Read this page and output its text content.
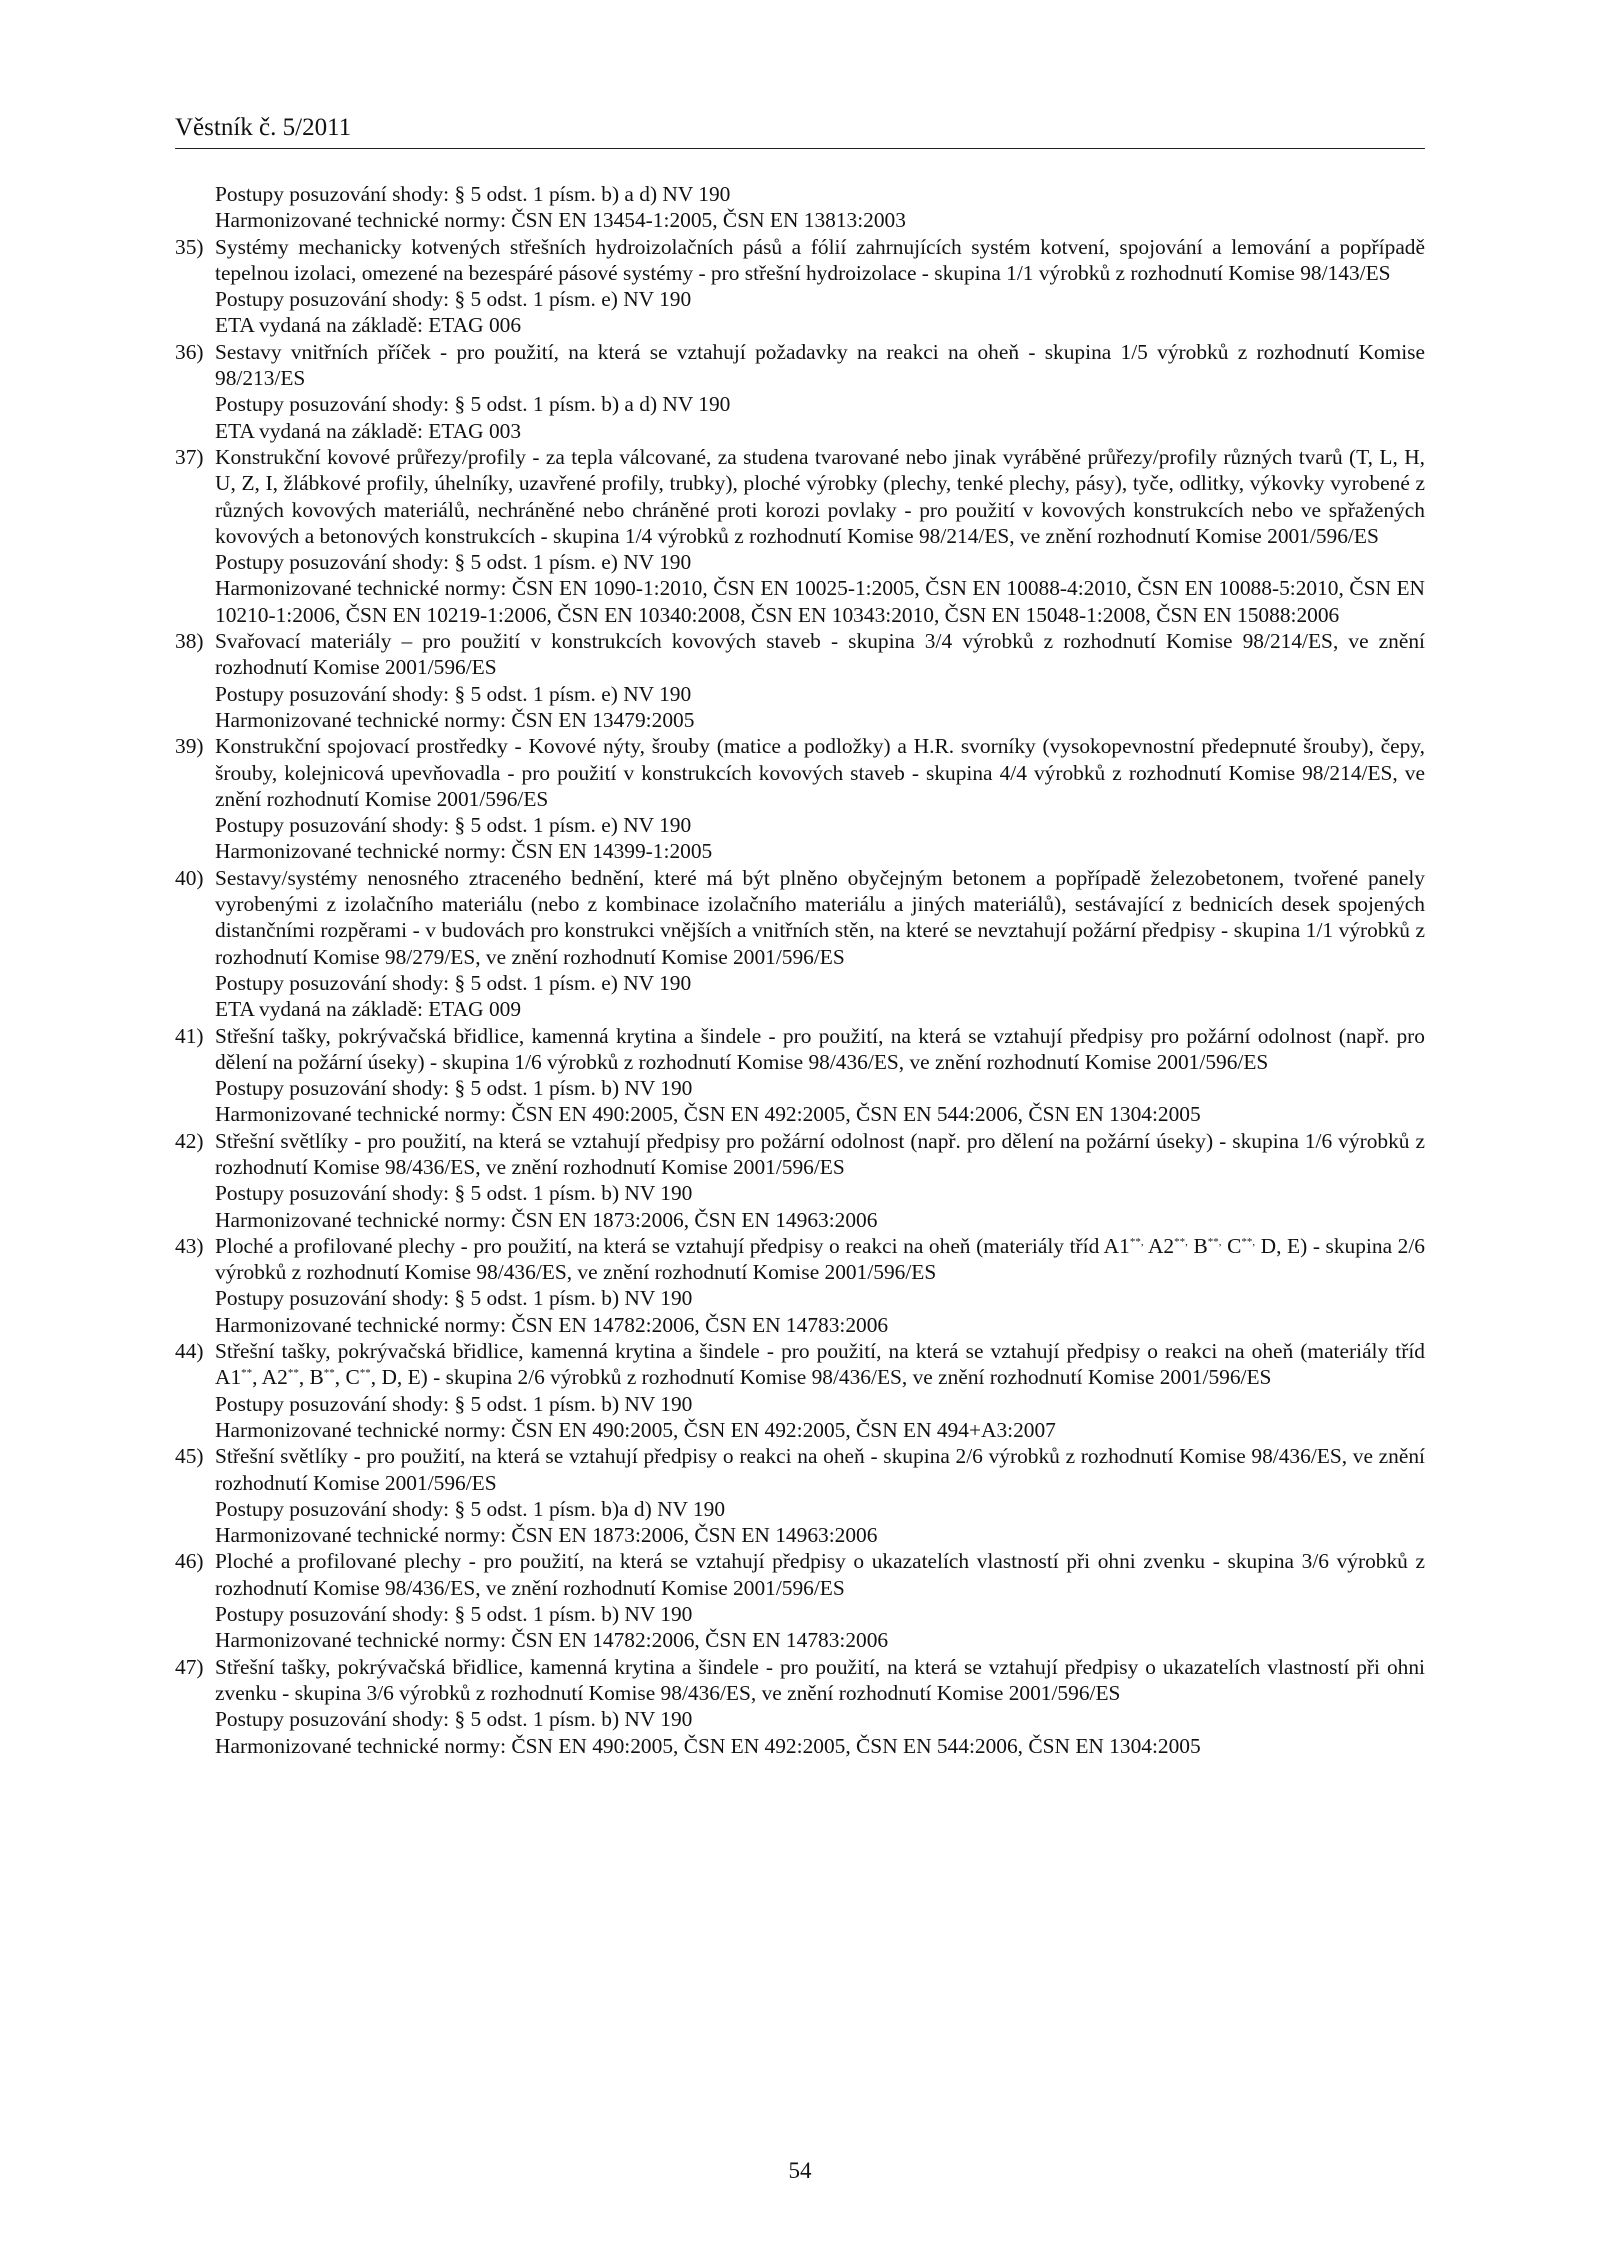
Věstník č. 5/2011
Postupy posuzování shody: § 5 odst. 1 písm. b) a d) NV 190
Harmonizované technické normy: ČSN EN 13454-1:2005, ČSN EN 13813:2003
35) Systémy mechanicky kotvených střešních hydroizolačních pásů a fólií zahrnujících systém kotvení, spojování a lemování a popřípadě tepelnou izolaci, omezené na bezespáré pásové systémy - pro střešní hydroizolace - skupina 1/1 výrobků z rozhodnutí Komise 98/143/ES
Postupy posuzování shody: § 5 odst. 1 písm. e) NV 190
ETA vydaná na základě: ETAG 006
36) Sestavy vnitřních příček - pro použití, na která se vztahují požadavky na reakci na oheň - skupina 1/5 výrobků z rozhodnutí Komise 98/213/ES
Postupy posuzování shody: § 5 odst. 1 písm. b) a d) NV 190
ETA vydaná na základě: ETAG 003
37) Konstrukční kovové průřezy/profily - za tepla válcované, za studena tvarované nebo jinak vyráběné průřezy/profily různých tvarů (T, L, H, U, Z, I, žlábkové profily, úhelníky, uzavřené profily, trubky), ploché výrobky (plechy, tenké plechy, pásy), tyče, odlitky, výkovky vyrobené z různých kovových materiálů, nechráněné nebo chráněné proti korozi povlaky - pro použití v kovových konstrukcích nebo ve spřažených kovových a betonových konstrukcích - skupina 1/4 výrobků z rozhodnutí Komise 98/214/ES, ve znění rozhodnutí Komise 2001/596/ES
Postupy posuzování shody: § 5 odst. 1 písm. e) NV 190
Harmonizované technické normy: ČSN EN 1090-1:2010, ČSN EN 10025-1:2005, ČSN EN 10088-4:2010, ČSN EN 10088-5:2010, ČSN EN 10210-1:2006, ČSN EN 10219-1:2006, ČSN EN 10340:2008, ČSN EN 10343:2010, ČSN EN 15048-1:2008, ČSN EN 15088:2006
38) Svařovací materiály – pro použití v konstrukcích kovových staveb - skupina 3/4 výrobků z rozhodnutí Komise 98/214/ES, ve znění rozhodnutí Komise 2001/596/ES
Postupy posuzování shody: § 5 odst. 1 písm. e) NV 190
Harmonizované technické normy: ČSN EN 13479:2005
39) Konstrukční spojovací prostředky - Kovové nýty, šrouby (matice a podložky) a H.R. svorníky (vysokopevnostní předepnuté šrouby), čepy, šrouby, kolejnicová upevňovadla - pro použití v konstrukcích kovových staveb - skupina 4/4 výrobků z rozhodnutí Komise 98/214/ES, ve znění rozhodnutí Komise 2001/596/ES
Postupy posuzování shody: § 5 odst. 1 písm. e) NV 190
Harmonizované technické normy: ČSN EN 14399-1:2005
40) Sestavy/systémy nenosného ztraceného bednění, které má být plněno obyčejným betonem a popřípadě železobetonem, tvořené panely vyrobenými z izolačního materiálu (nebo z kombinace izolačního materiálu a jiných materiálů), sestávající z bednicích desek spojených distančními rozpěrami - v budovách pro konstrukci vnějších a vnitřních stěn, na které se nevztahují požární předpisy - skupina 1/1 výrobků z rozhodnutí Komise 98/279/ES, ve znění rozhodnutí Komise 2001/596/ES
Postupy posuzování shody: § 5 odst. 1 písm. e) NV 190
ETA vydaná na základě: ETAG 009
41) Střešní tašky, pokrývačská břidlice, kamenná krytina a šindele - pro použití, na která se vztahují předpisy pro požární odolnost (např. pro dělení na požární úseky) - skupina 1/6 výrobků z rozhodnutí Komise 98/436/ES, ve znění rozhodnutí Komise 2001/596/ES
Postupy posuzování shody: § 5 odst. 1 písm. b) NV 190
Harmonizované technické normy: ČSN EN 490:2005, ČSN EN 492:2005, ČSN EN 544:2006, ČSN EN 1304:2005
42) Střešní světlíky - pro použití, na která se vztahují předpisy pro požární odolnost (např. pro dělení na požární úseky) - skupina 1/6 výrobků z rozhodnutí Komise 98/436/ES, ve znění rozhodnutí Komise 2001/596/ES
Postupy posuzování shody: § 5 odst. 1 písm. b) NV 190
Harmonizované technické normy: ČSN EN 1873:2006, ČSN EN 14963:2006
43) Ploché a profilované plechy - pro použití, na která se vztahují předpisy o reakci na oheň (materiály tříd A1**, A2**, B**, C**, D, E) - skupina 2/6 výrobků z rozhodnutí Komise 98/436/ES, ve znění rozhodnutí Komise 2001/596/ES
Postupy posuzování shody: § 5 odst. 1 písm. b) NV 190
Harmonizované technické normy: ČSN EN 14782:2006, ČSN EN 14783:2006
44) Střešní tašky, pokrývačská břidlice, kamenná krytina a šindele - pro použití, na která se vztahují předpisy o reakci na oheň (materiály tříd A1**, A2**, B**, C**, D, E) - skupina 2/6 výrobků z rozhodnutí Komise 98/436/ES, ve znění rozhodnutí Komise 2001/596/ES
Postupy posuzování shody: § 5 odst. 1 písm. b) NV 190
Harmonizované technické normy: ČSN EN 490:2005, ČSN EN 492:2005, ČSN EN 494+A3:2007
45) Střešní světlíky - pro použití, na která se vztahují předpisy o reakci na oheň - skupina 2/6 výrobků z rozhodnutí Komise 98/436/ES, ve znění rozhodnutí Komise 2001/596/ES
Postupy posuzování shody: § 5 odst. 1 písm. b)a d) NV 190
Harmonizované technické normy: ČSN EN 1873:2006, ČSN EN 14963:2006
46) Ploché a profilované plechy - pro použití, na která se vztahují předpisy o ukazatelích vlastností při ohni zvenku - skupina 3/6 výrobků z rozhodnutí Komise 98/436/ES, ve znění rozhodnutí Komise 2001/596/ES
Postupy posuzování shody: § 5 odst. 1 písm. b) NV 190
Harmonizované technické normy: ČSN EN 14782:2006, ČSN EN 14783:2006
47) Střešní tašky, pokrývačská břidlice, kamenná krytina a šindele - pro použití, na která se vztahují předpisy o ukazatelích vlastností při ohni zvenku - skupina 3/6 výrobků z rozhodnutí Komise 98/436/ES, ve znění rozhodnutí Komise 2001/596/ES
Postupy posuzování shody: § 5 odst. 1 písm. b) NV 190
Harmonizované technické normy: ČSN EN 490:2005, ČSN EN 492:2005, ČSN EN 544:2006, ČSN EN 1304:2005
54
